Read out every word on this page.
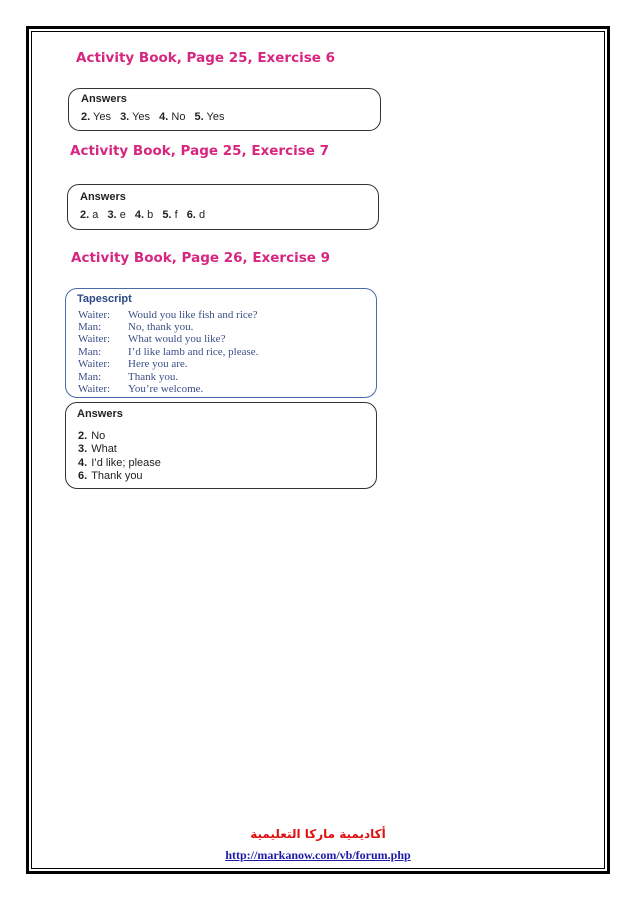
Activity Book, Page 25, Exercise 6
Answers
2. Yes 3. Yes 4. No 5. Yes
Activity Book, Page 25, Exercise 7
Answers
2. a 3. e 4. b 5. f 6. d
Activity Book, Page 26, Exercise 9
Tapescript
Waiter: Would you like fish and rice?
Man: No, thank you.
Waiter: What would you like?
Man: I’d like lamb and rice, please.
Waiter: Here you are.
Man: Thank you.
Waiter: You’re welcome.
Answers
2. No
3. What
4. I’d like; please
6. Thank you
أكاديمية ماركا التعليمية
http://markanow.com/vb/forum.php
